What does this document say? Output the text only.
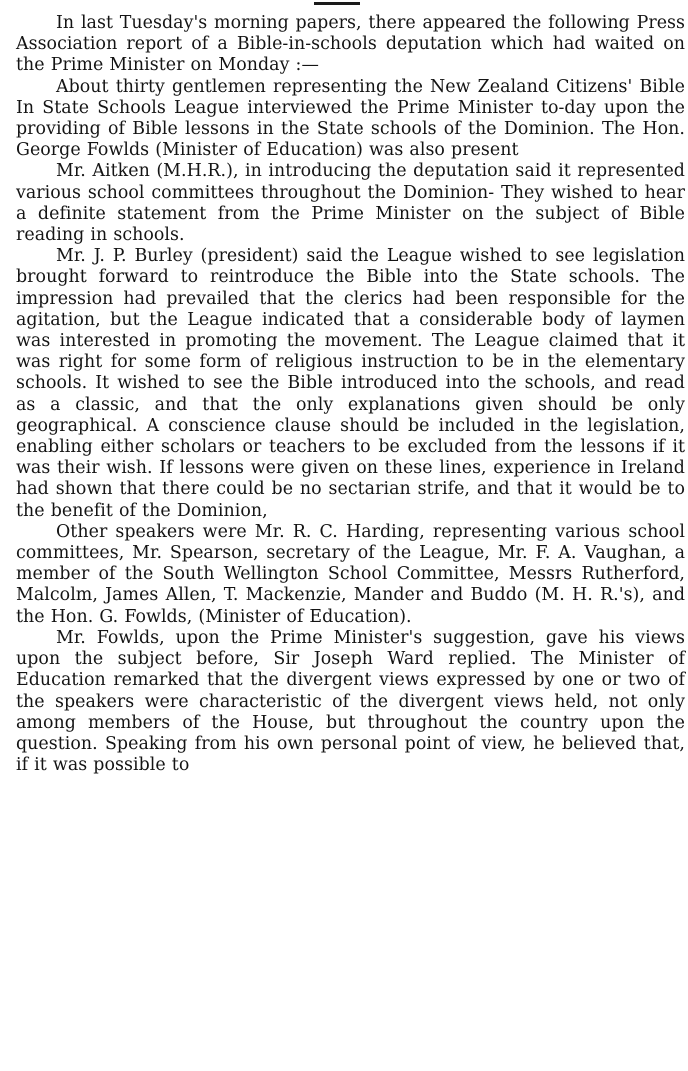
In last Tuesday's morning papers, there appeared the following Press Association report of a Bible-in-schools deputation which had waited on the Prime Minister on Monday :—

About thirty gentlemen representing the New Zealand Citizens' Bible In State Schools League interviewed the Prime Minister to-day upon the providing of Bible lessons in the State schools of the Dominion. The Hon. George Fowlds (Minister of Education) was also present

Mr. Aitken (M.H.R.), in introducing the deputation said it represented various school committees throughout the Dominion- They wished to hear a definite statement from the Prime Minister on the subject of Bible reading in schools.

Mr. J. P. Burley (president) said the League wished to see legislation brought forward to reintroduce the Bible into the State schools. The impression had prevailed that the clerics had been responsible for the agitation, but the League indicated that a considerable body of laymen was interested in promoting the movement. The League claimed that it was right for some form of religious instruction to be in the elementary schools. It wished to see the Bible introduced into the schools, and read as a classic, and that the only explanations given should be only geographical. A conscience clause should be included in the legislation, enabling either scholars or teachers to be excluded from the lessons if it was their wish. If lessons were given on these lines, experience in Ireland had shown that there could be no sectarian strife, and that it would be to the benefit of the Dominion,

Other speakers were Mr. R. C. Harding, representing various school committees, Mr. Spearson, secretary of the League, Mr. F. A. Vaughan, a member of the South Wellington School Committee, Messrs Rutherford, Malcolm, James Allen, T. Mackenzie, Mander and Buddo (M. H. R.'s), and the Hon. G. Fowlds, (Minister of Education).

Mr. Fowlds, upon the Prime Minister's suggestion, gave his views upon the subject before, Sir Joseph Ward replied. The Minister of Education remarked that the divergent views expressed by one or two of the speakers were characteristic of the divergent views held, not only among members of the House, but throughout the country upon the question. Speaking from his own personal point of view, he believed that, if it was possible to
